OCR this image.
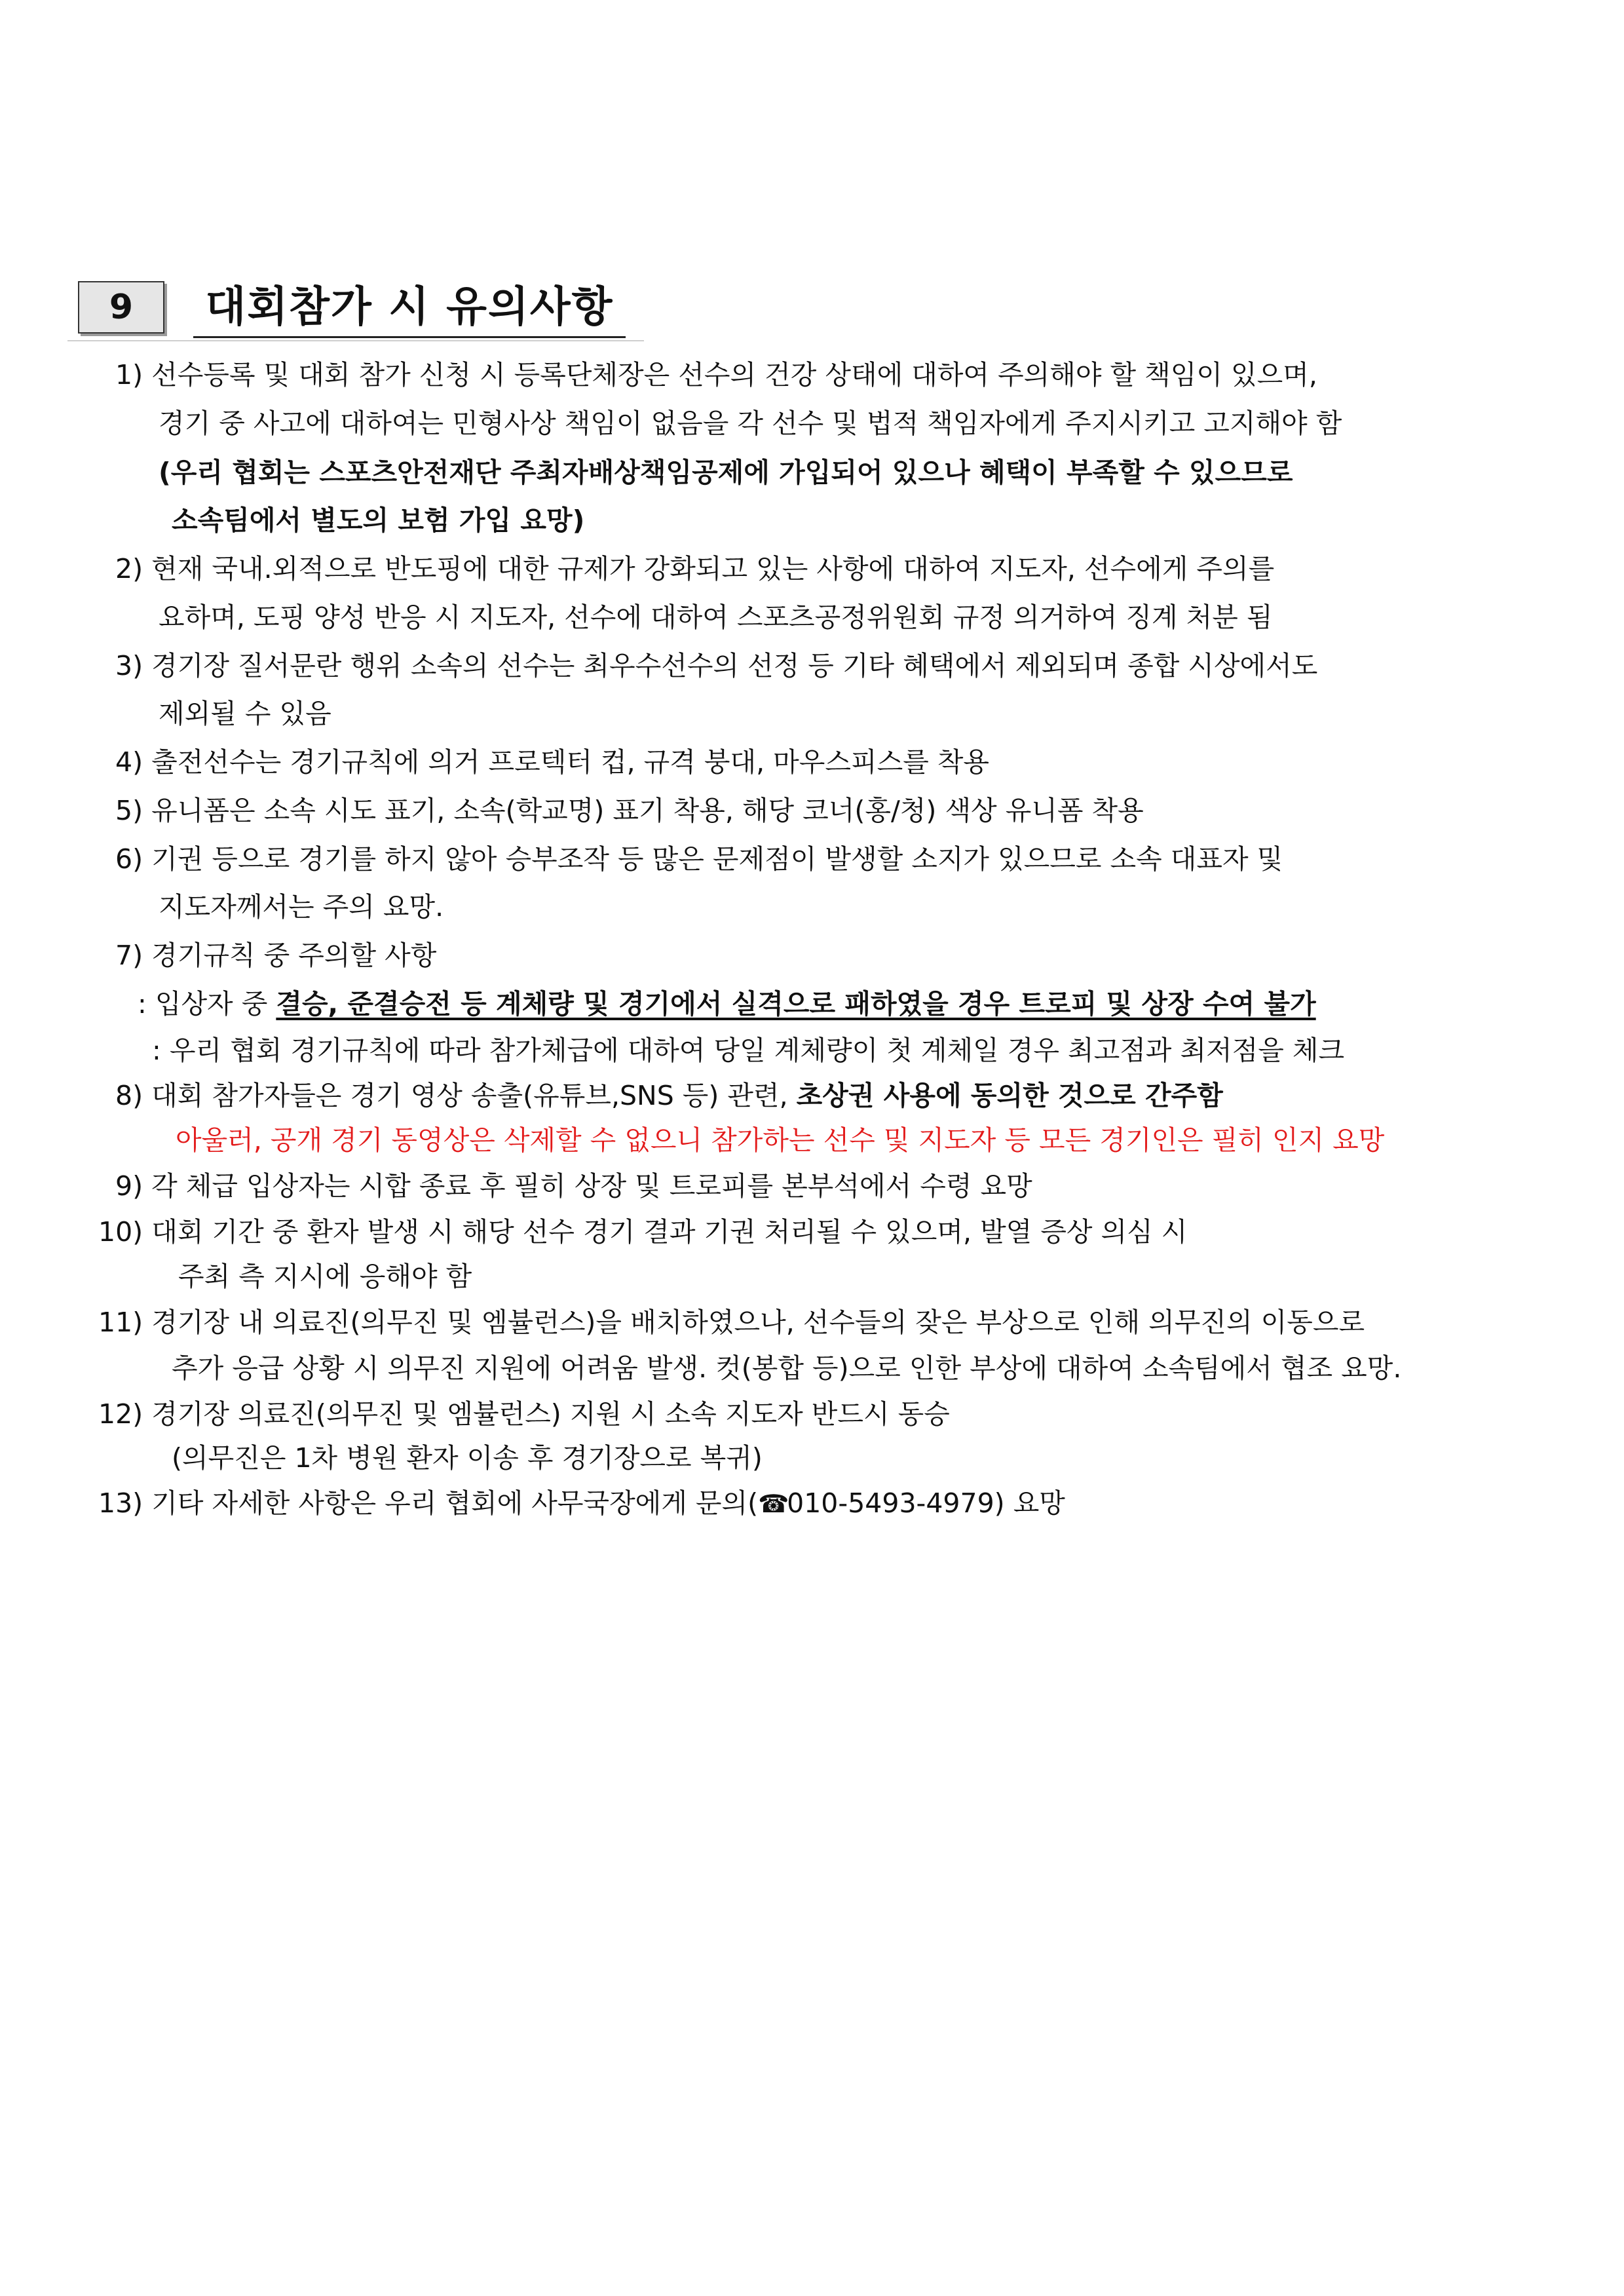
9	대회참가 시 유의사항
1) 선수등록 및 대회 참가 신청 시 등록단체장은 선수의 건강 상태에 대하여 주의해야 할 책임이 있으며,
경기 중 사고에 대하여는 민형사상 책임이 없음을 각 선수 및 법적 책임자에게 주지시키고 고지해야 함
(우리 협회는 스포츠안전재단 주최자배상책임공제에 가입되어 있으나 혜택이 부족할 수 있으므로
소속팀에서 별도의 보험 가입 요망)
2) 현재 국내.외적으로 반도핑에 대한 규제가 강화되고 있는 사항에 대하여 지도자, 선수에게 주의를
요하며, 도핑 양성 반응 시 지도자, 선수에 대하여 스포츠공정위원회 규정 의거하여 징계 처분 됨
3) 경기장 질서문란 행위 소속의 선수는 최우수선수의 선정 등 기타 혜택에서 제외되며 종합 시상에서도
제외될 수 있음
4) 출전선수는 경기규칙에 의거 프로텍터 컵, 규격 붕대, 마우스피스를 착용
5) 유니폼은 소속 시도 표기, 소속(학교명) 표기 착용, 해당 코너(홍/청) 색상 유니폼 착용
6) 기권 등으로 경기를 하지 않아 승부조작 등 많은 문제점이 발생할 소지가 있으므로 소속 대표자 및
지도자께서는 주의 요망.
7) 경기규칙 중 주의할 사항
: 입상자 중 결승, 준결승전 등 계체량 및 경기에서 실격으로 패하였을 경우 트로피 및 상장 수여 불가
: 우리 협회 경기규칙에 따라 참가체급에 대하여 당일 계체량이 첫 계체일 경우 최고점과 최저점을 체크
8) 대회 참가자들은 경기 영상 송출(유튜브,SNS 등) 관련, 초상권 사용에 동의한 것으로 간주함
아울러, 공개 경기 동영상은 삭제할 수 없으니 참가하는 선수 및 지도자 등 모든 경기인은 필히 인지 요망
9) 각 체급 입상자는 시합 종료 후 필히 상장 및 트로피를 본부석에서 수령 요망
10) 대회 기간 중 환자 발생 시 해당 선수 경기 결과 기권 처리될 수 있으며, 발열 증상 의심 시
주최 측 지시에 응해야 함
11) 경기장 내 의료진(의무진 및 엠뷸런스)을 배치하였으나, 선수들의 잦은 부상으로 인해 의무진의 이동으로
추가 응급 상황 시 의무진 지원에 어려움 발생. 컷(봉합 등)으로 인한 부상에 대하여 소속팀에서 협조 요망.
12) 경기장 의료진(의무진 및 엠뷸런스) 지원 시 소속 지도자 반드시 동승
(의무진은 1차 병원 환자 이송 후 경기장으로 복귀)
13) 기타 자세한 사항은 우리 협회에 사무국장에게 문의(☎010-5493-4979) 요망
